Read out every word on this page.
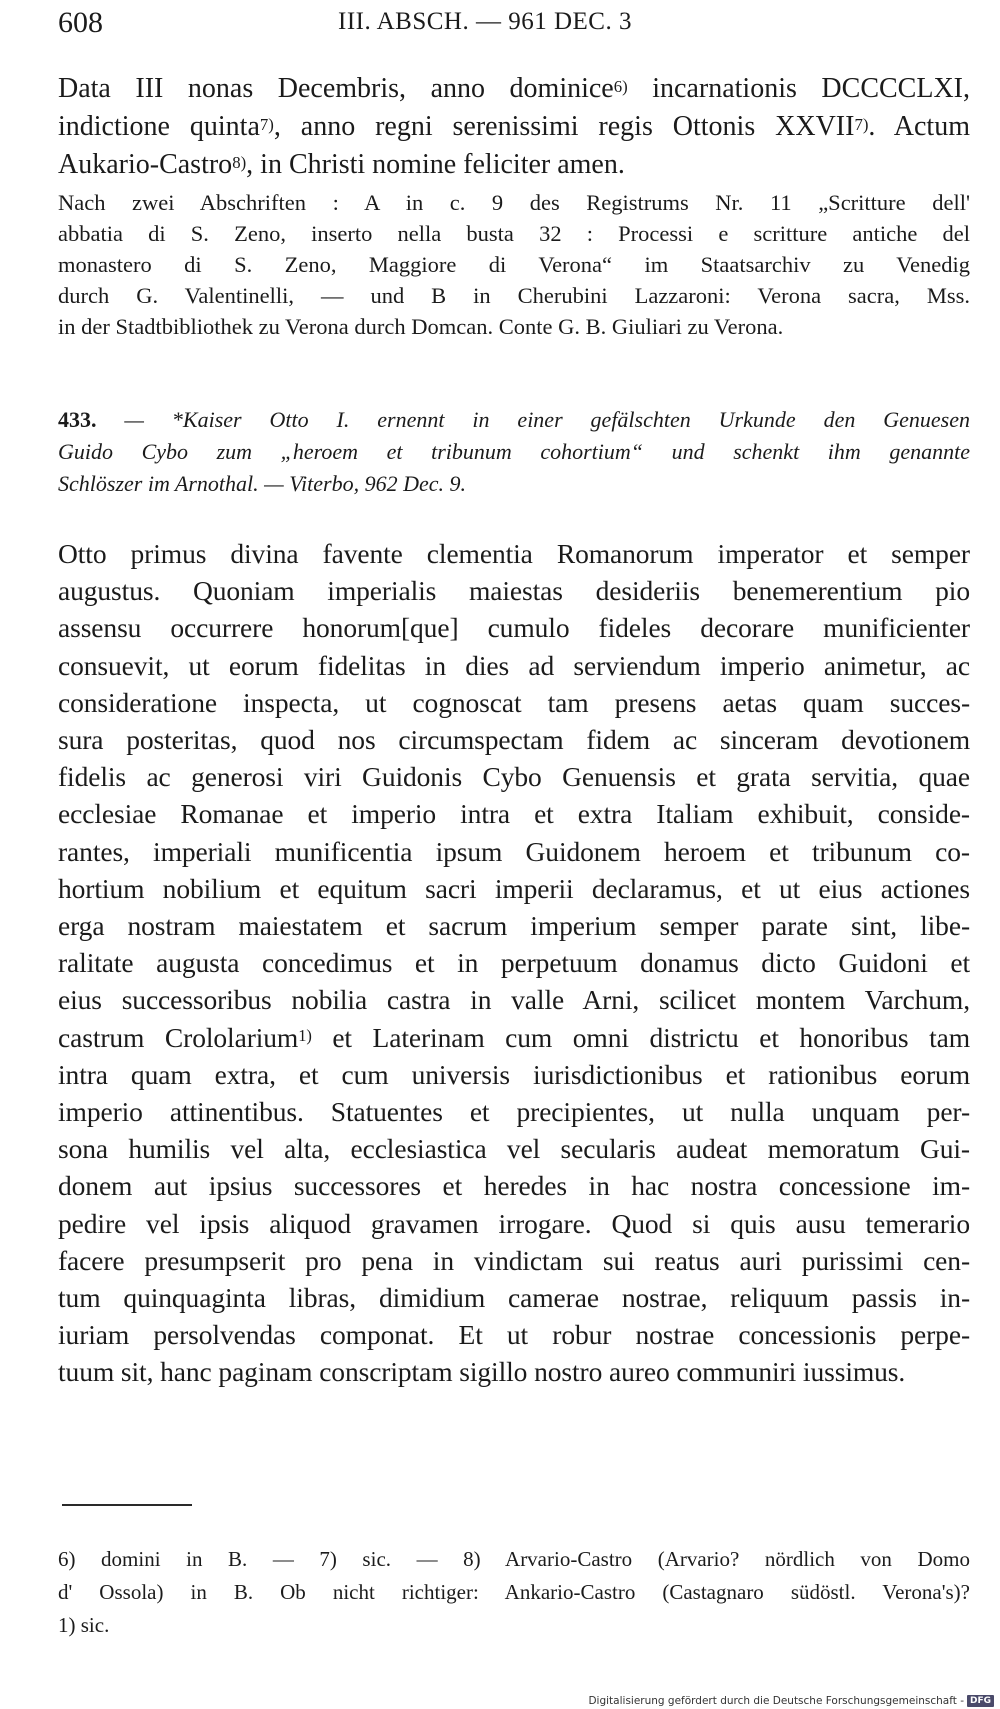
608	III. ABSCH. — 961 DEC. 3
Data III nonas Decembris, anno dominice$^{6)}$ incarnationis DCCCCLXI,
indictione quinta$^{7)}$, anno regni serenissimi regis Ottonis XXVII$^{7)}$. Actum
Aukario-Castro$^{8)}$, in Christi nomine feliciter amen.
Nach zwei Abschriften : A in c. 9 des Registrums Nr. 11 „Scritture dell'
abbatia di S. Zeno, inserto nella busta 32 : Processi e scritture antiche del
monastero di S. Zeno, Maggiore di Verona“ im Staatsarchiv zu Venedig
durch G. Valentinelli, — und B in Cherubini Lazzaroni: Verona sacra, Mss.
in der Stadtbibliothek zu Verona durch Domcan. Conte G. B. Giuliari zu Verona.
433. — *Kaiser Otto I. ernennt in einer gefälschten Urkunde den Genuesen
Guido Cybo zum „heroem et tribunum cohortium“ und schenkt ihm genannte
Schlöszer im Arnothal. — Viterbo, 962 Dec. 9.
Otto primus divina favente clementia Romanorum imperator et semper
augustus. Quoniam imperialis maiestas desideriis benemerentium pio
assensu occurrere honorum[que] cumulo fideles decorare munificienter
consuevit, ut eorum fidelitas in dies ad serviendum imperio animetur, ac
consideratione inspecta, ut cognoscat tam presens aetas quam succes-
sura posteritas, quod nos circumspectam fidem ac sinceram devotionem
fidelis ac generosi viri Guidonis Cybo Genuensis et grata servitia, quae
ecclesiae Romanae et imperio intra et extra Italiam exhibuit, conside-
rantes, imperiali munificentia ipsum Guidonem heroem et tribunum co-
hortium nobilium et equitum sacri imperii declaramus, et ut eius actiones
erga nostram maiestatem et sacrum imperium semper parate sint, libe-
ralitate augusta concedimus et in perpetuum donamus dicto Guidoni et
eius successoribus nobilia castra in valle Arni, scilicet montem Varchum,
castrum Crololarium$^{1)}$ et Laterinam cum omni districtu et honoribus tam
intra quam extra, et cum universis iurisdictionibus et rationibus eorum
imperio attinentibus. Statuentes et precipientes, ut nulla unquam per-
sona humilis vel alta, ecclesiastica vel secularis audeat memoratum Gui-
donem aut ipsius successores et heredes in hac nostra concessione im-
pedire vel ipsis aliquod gravamen irrogare. Quod si quis ausu temerario
facere presumpserit pro pena in vindictam sui reatus auri purissimi cen-
tum quinquaginta libras, dimidium camerae nostrae, reliquum passis in-
iuriam persolvendas componat. Et ut robur nostrae concessionis perpe-
tuum sit, hanc paginam conscriptam sigillo nostro aureo communiri iussimus.
6) domini in B. — 7) sic. — 8) Arvario-Castro (Arvario? nördlich von Domo
d' Ossola) in B. Ob nicht richtiger: Ankario-Castro (Castagnaro südöstl. Verona's)?
1) sic.
Digitalisierung gefördert durch die Deutsche Forschungsgemeinschaft - DFG
